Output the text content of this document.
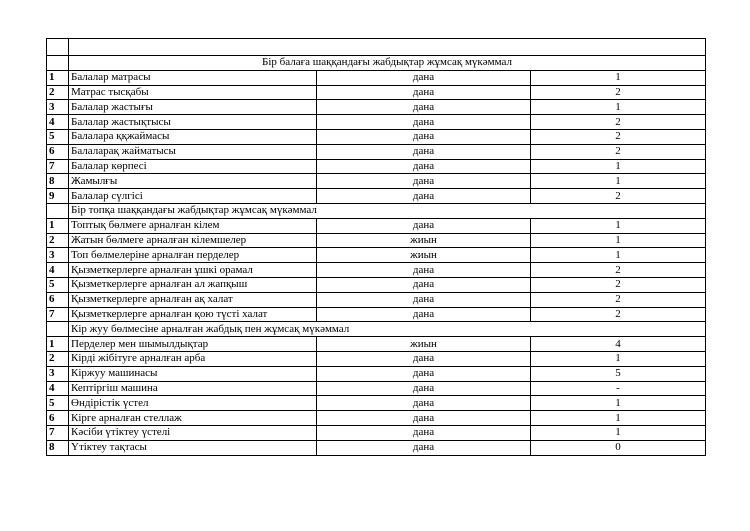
	Бір балаға шаққандағы жабдықтар жұмсақ мүкәммал		
1	Балалар матрасы	дана	1
2	Матрас тысқабы	дана	2
3	Балалар жастығы	дана	1
4	Балалар жастықтысы	дана	2
5	Балалара ққжаймасы	дана	2
6	Балаларақ жайматысы	дана	2
7	Балалар көрпесі	дана	1
8	Жамылғы	дана	1
9	Балалар сүлгісі	дана	2
	Бір топқа шаққандағы жабдықтар жұмсақ мүкәммал		
1	Топтық бөлмеге арналған кілем	дана	1
2	Жатын бөлмеге арналған кілемшелер	жиын	1
3	Топ бөлмелеріне арналған перделер	жиын	1
4	Қызметкерлерге арналған ұшкі орамал	дана	2
5	Қызметкерлерге арналған ал жапқыш	дана	2
6	Қызметкерлерге арналған ақ халат	дана	2
7	Қызметкерлерге арналған қою түсті халат	дана	2
	Кір жуу бөлмесіне арналған жабдық пен жұмсақ мүкәммал		
1	Перделер мен шымылдықтар	жиын	4
2	Кірді жібітуге арналған арба	дана	1
3	Кіржуу машинасы	дана	5
4	Кептіргіш машина	дана	-
5	Өндірістік үстел	дана	1
6	Кірге арналған стеллаж	дана	1
7	Кәсіби үтіктеу үстелі	дана	1
8	Үтіктеу тақтасы	дана	0
